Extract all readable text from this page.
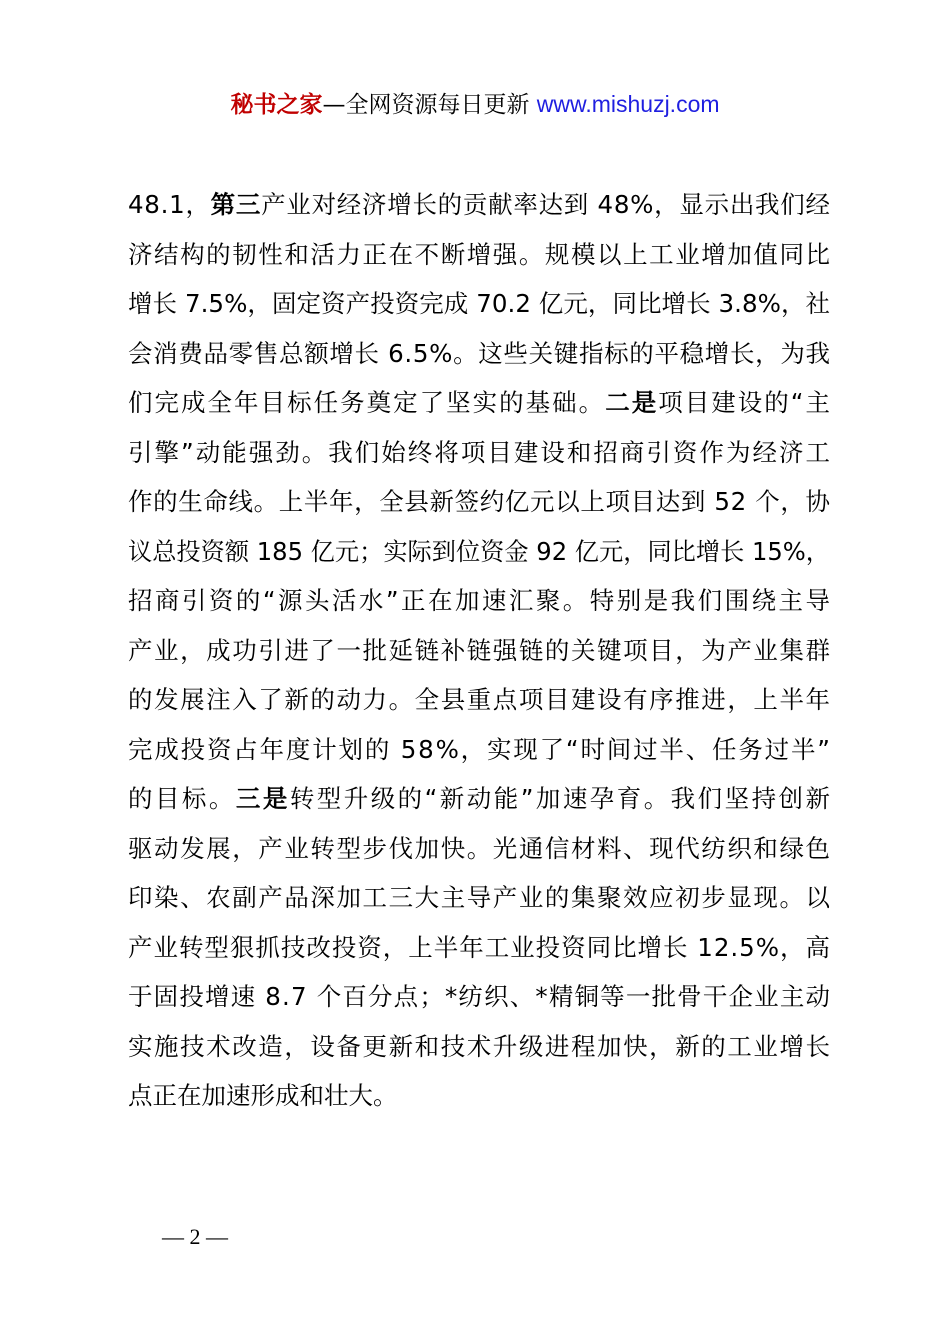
秘书之家—全网资源每日更新 www.mishuzj.com
48.1，第三产业对经济增长的贡献率达到 48%，显示出我们经
济结构的韧性和活力正在不断增强。规模以上工业增加值同比
增长 7.5%，固定资产投资完成 70.2 亿元，同比增长 3.8%，社
会消费品零售总额增长 6.5%。这些关键指标的平稳增长，为我
们完成全年目标任务奠定了坚实的基础。二是项目建设的“主
引擎”动能强劲。我们始终将项目建设和招商引资作为经济工
作的生命线。上半年，全县新签约亿元以上项目达到 52 个，协
议总投资额 185 亿元；实际到位资金 92 亿元，同比增长 15%，
招商引资的“源头活水”正在加速汇聚。特别是我们围绕主导
产业，成功引进了一批延链补链强链的关键项目，为产业集群
的发展注入了新的动力。全县重点项目建设有序推进，上半年
完成投资占年度计划的 58%，实现了“时间过半、任务过半”
的目标。三是转型升级的“新动能”加速孕育。我们坚持创新
驱动发展，产业转型步伐加快。光通信材料、现代纺织和绿色
印染、农副产品深加工三大主导产业的集聚效应初步显现。以
产业转型狠抓技改投资，上半年工业投资同比增长 12.5%，高
于固投增速 8.7 个百分点；*纺织、*精铜等一批骨干企业主动
实施技术改造，设备更新和技术升级进程加快，新的工业增长
点正在加速形成和壮大。
— 2 —
